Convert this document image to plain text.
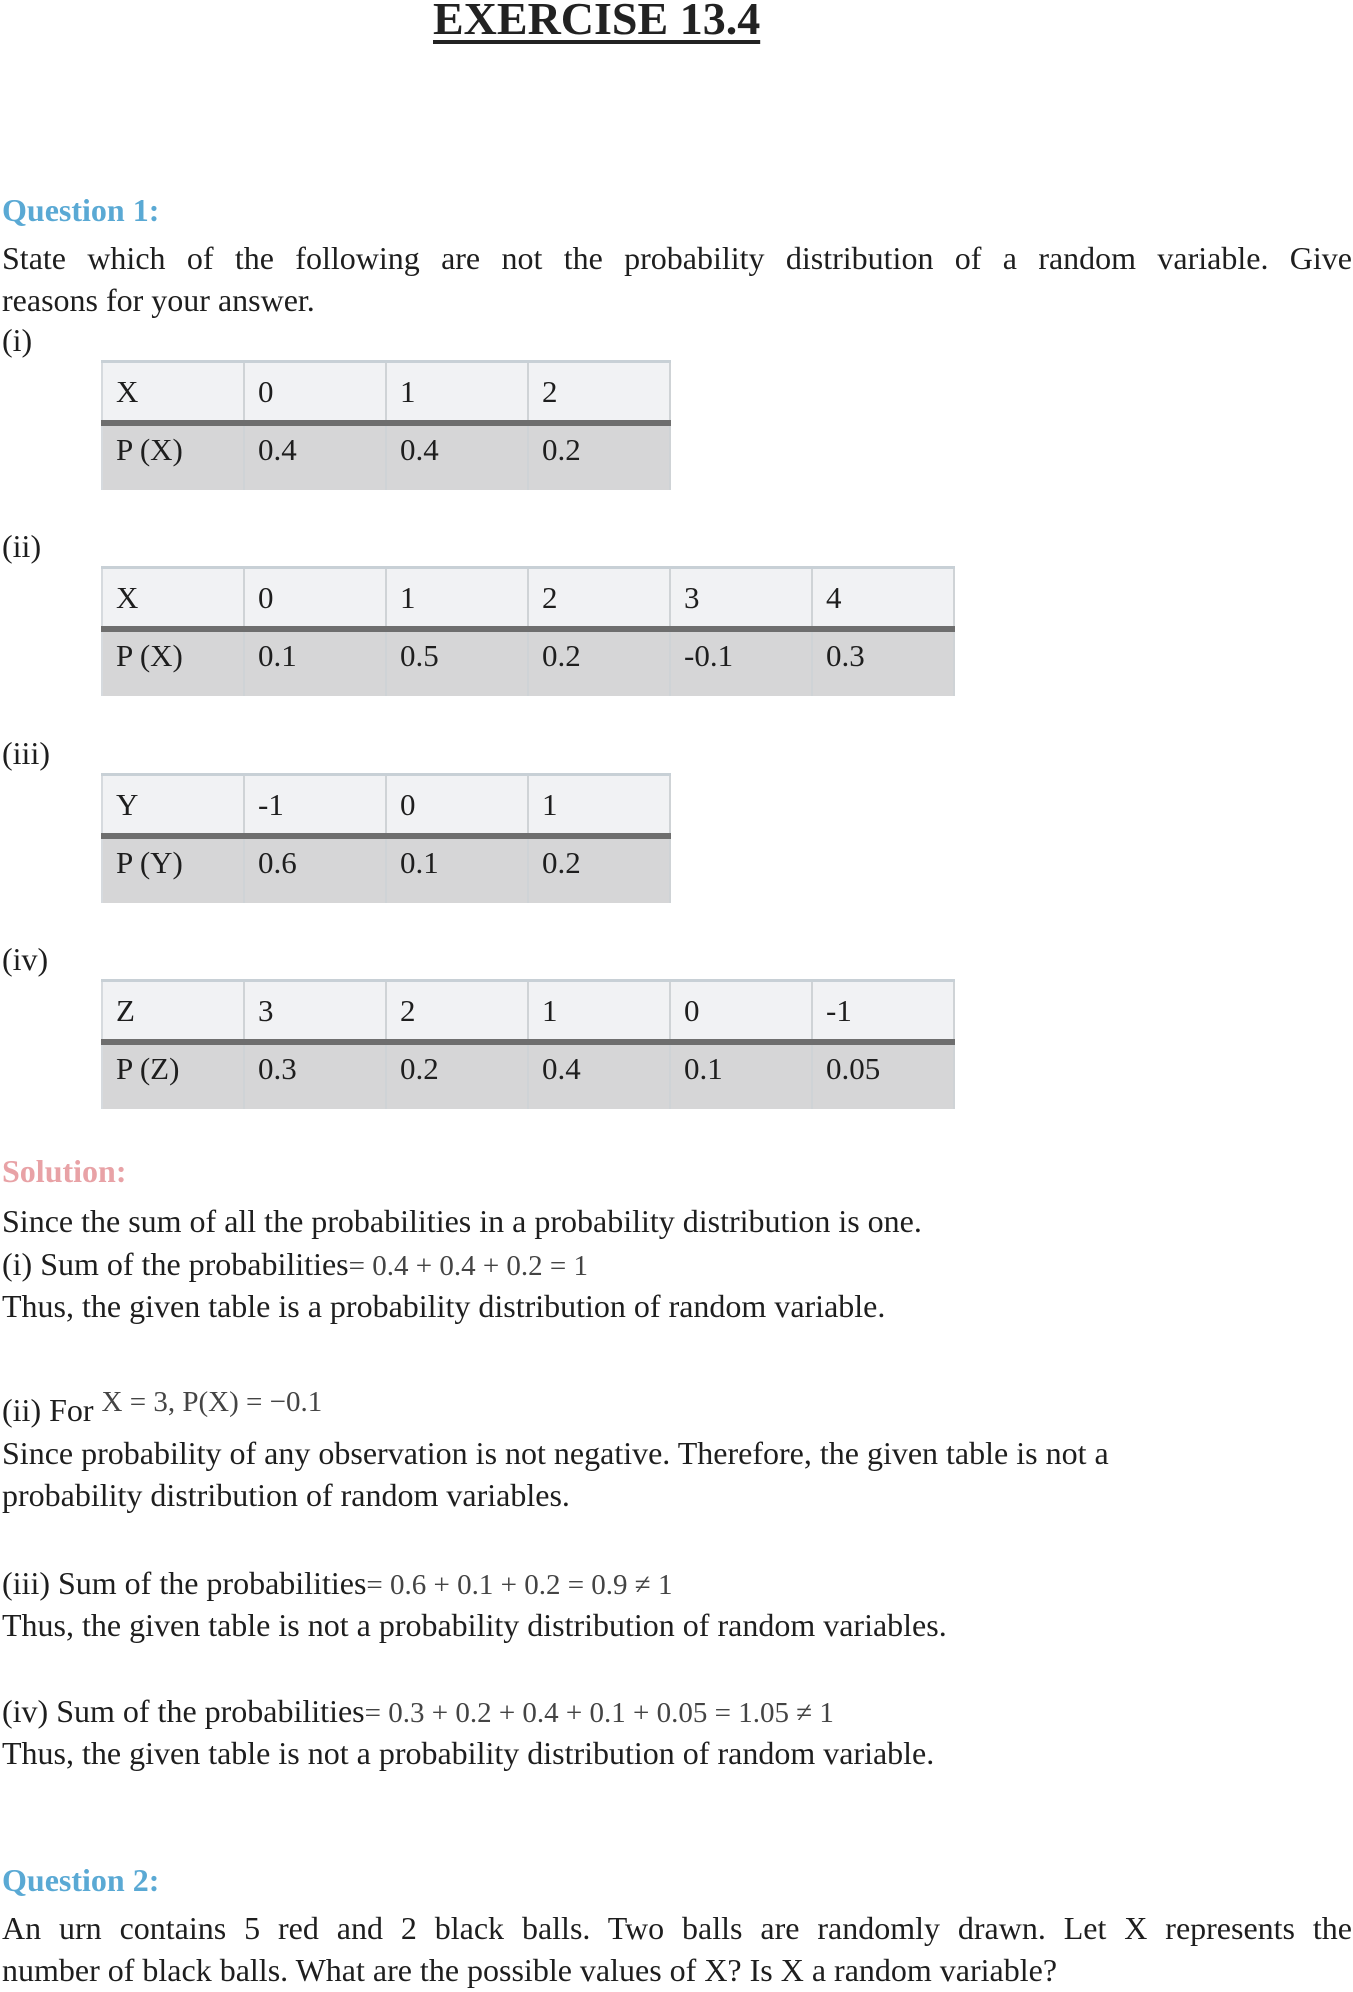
EXERCISE 13.4
Question 1:
State which of the following are not the probability distribution of a random variable. Give
reasons for your answer.
(i)
X	0	1	2
P (X)	0.4	0.4	0.2
(ii)
X	0	1	2	3	4
P (X)	0.1	0.5	0.2	-0.1	0.3
(iii)
Y	-1	0	1
P (Y)	0.6	0.1	0.2
(iv)
Z	3	2	1	0	-1
P (Z)	0.3	0.2	0.4	0.1	0.05
Solution:
Since the sum of all the probabilities in a probability distribution is one.
(i) Sum of the probabilities= 0.4 + 0.4 + 0.2 = 1
Thus, the given table is a probability distribution of random variable.
(ii) For X = 3, P(X) = −0.1
Since probability of any observation is not negative. Therefore, the given table is not a
probability distribution of random variables.
(iii) Sum of the probabilities= 0.6 + 0.1 + 0.2 = 0.9 ≠ 1
Thus, the given table is not a probability distribution of random variables.
(iv) Sum of the probabilities= 0.3 + 0.2 + 0.4 + 0.1 + 0.05 = 1.05 ≠ 1
Thus, the given table is not a probability distribution of random variable.
Question 2:
An urn contains 5 red and 2 black balls. Two balls are randomly drawn. Let X represents the
number of black balls. What are the possible values of X? Is X a random variable?
